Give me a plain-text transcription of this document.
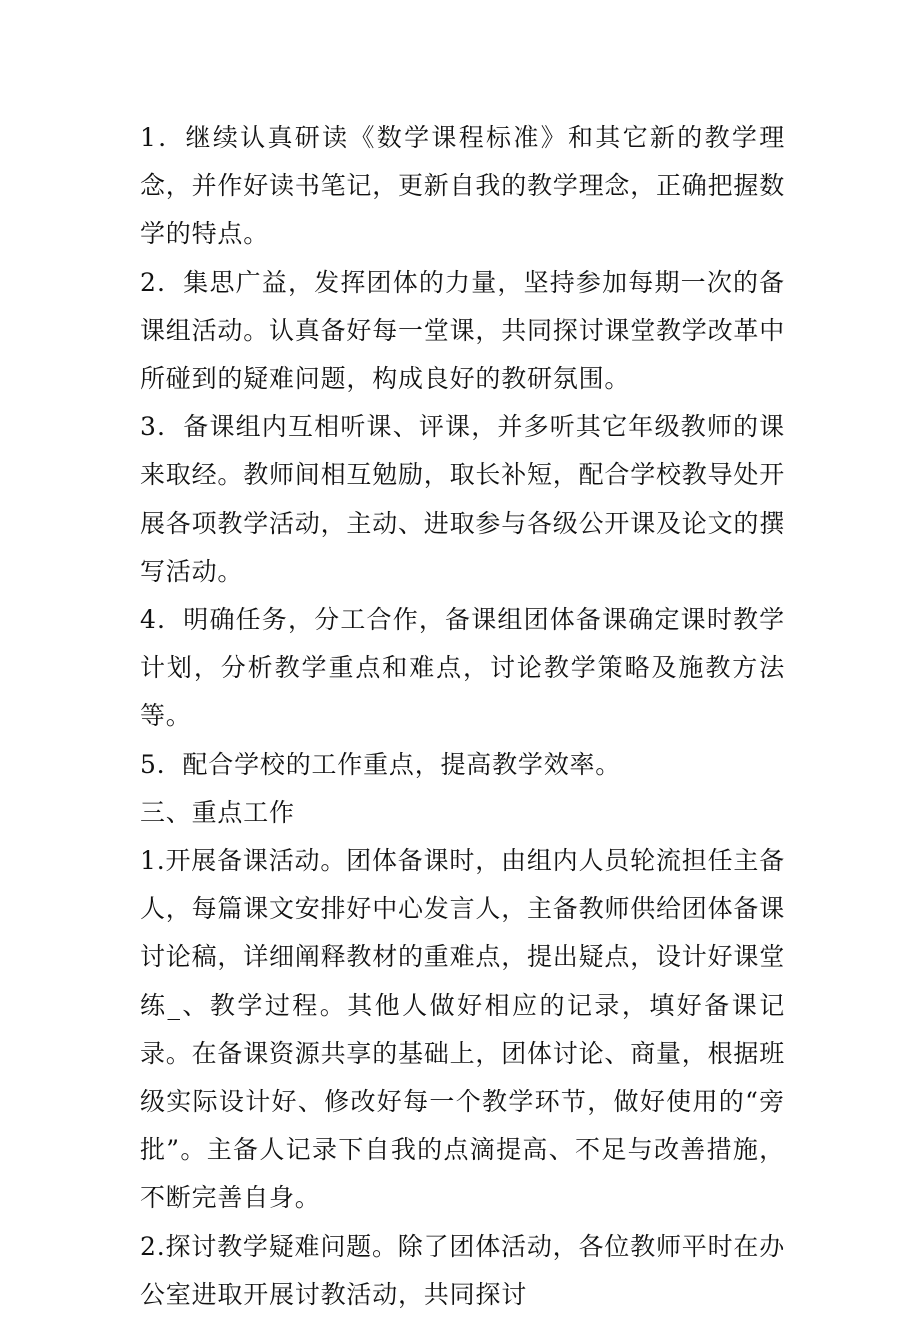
1．继续认真研读《数学课程标准》和其它新的教学理念，并作好读书笔记，更新自我的教学理念，正确把握数学的特点。

2．集思广益，发挥团体的力量，坚持参加每期一次的备课组活动。认真备好每一堂课，共同探讨课堂教学改革中所碰到的疑难问题，构成良好的教研氛围。

3．备课组内互相听课、评课，并多听其它年级教师的课来取经。教师间相互勉励，取长补短，配合学校教导处开展各项教学活动，主动、进取参与各级公开课及论文的撰写活动。

4．明确任务，分工合作，备课组团体备课确定课时教学计划，分析教学重点和难点，讨论教学策略及施教方法等。

5．配合学校的工作重点，提高教学效率。

三、重点工作

1.开展备课活动。团体备课时，由组内人员轮流担任主备人，每篇课文安排好中心发言人，主备教师供给团体备课讨论稿，详细阐释教材的重难点，提出疑点，设计好课堂练_、教学过程。其他人做好相应的记录，填好备课记录。在备课资源共享的基础上，团体讨论、商量，根据班级实际设计好、修改好每一个教学环节，做好使用的“旁批”。主备人记录下自我的点滴提高、不足与改善措施，不断完善自身。

2.探讨教学疑难问题。除了团体活动，各位教师平时在办公室进取开展讨教活动，共同探讨
